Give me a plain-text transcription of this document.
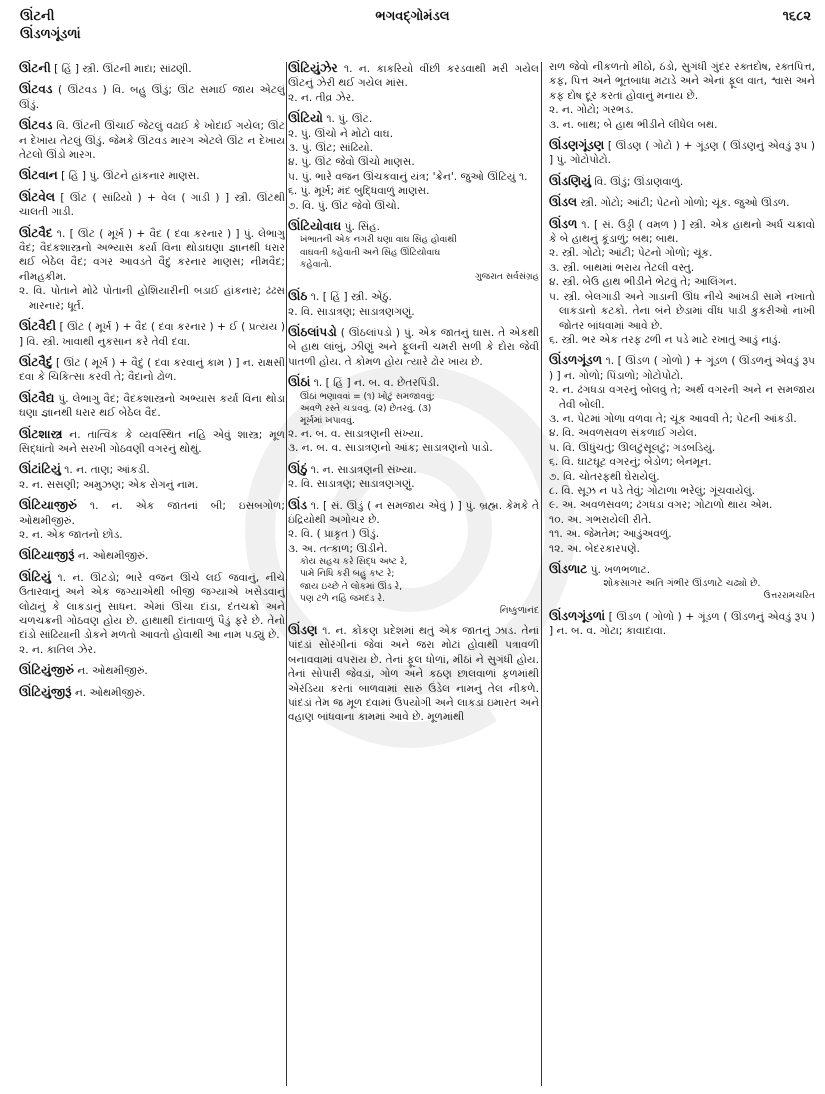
ઊંટની	ભગવદ્ગોમંડલ	૧૬૮૨
ઊંડળગૂંડળાં
ઊંટની [ હિં ] સ્ત્રી. ઊંટની માદા; સાંઢણી.
ઊંટવડ ( ઊંટવડ ) વિ. બહુ ઊંડું; ઊંટ સમાઈ જાય એટલું ઊંડું.
ઊંટવડ વિ. ઊંટની ઊંચાઈ જેટલું વઢાઈ કે ખોદાઈ ગયેલ; ઊંટ ન દેખાય તેટલું ઊંડું. જેમકે ઊંટવડ મારગ એટલે ઊંટ ન દેખાય તેટલો ઊંડો મારગ.
ઊંટવાન [ હિં ] પું. ઊંટને હાંકનાર માણસ.
ઊંટવેલ [ ઊંટ ( સાંઢિયો ) + વેલ ( ગાડી ) ] સ્ત્રી. ઊંટથી ચાલતી ગાડી.
ઊંટવૈદ ૧. [ ઊંટ ( મૂર્ખ ) + વૈદ ( દવા કરનાર ) ] પું. લેભાગુ વૈદ; વૈદકશાસ્ત્રનો અભ્યાસ કર્યા વિના થોડાઘણા જ્ઞાનથી ધરાર થઈ બેઠેલ વૈદ; વગર આવડતે વૈદું કરનાર માણસ; નીમવૈદ; નીમહકીમ.
૨. વિ. પોતાને મોઢે પોતાની હોશિયારીની બડાઈ હાંકનાર; ઢંઢસ મારનાર; ધૂર્ત.
ઊંટવૈદી [ ઊંટ ( મૂર્ખ ) + વૈદ ( દવા કરનાર ) + ઈ ( પ્રત્યય ) ] વિ. સ્ત્રી. ખાવાથી નુકસાન કરે તેવી દવા.
ઊંટવૈદું [ ઊંટ ( મૂર્ખ ) + વૈદું ( દવા કરવાનું કામ ) ] ન. રાક્ષસી દવા કે ચિકિત્સા કરવી તે; વૈદાનો ઢોળ.
ઊંટવૈદ્ય પું. લેભાગુ વૈદ; વૈદકશાસ્ત્રનો અભ્યાસ કર્યા વિના થોડા ઘણા જ્ઞાનથી ધરાર થઈ બેઠેલ વૈદ.
ઊંટશાસ્ત્ર ન. તાત્વિક કે વ્યવસ્થિત નહિ એવું શાસ્ત્ર; મૂળ સિદ્ધાંતો અને સરખી ગોઠવણી વગરનું થોથું.
ઊંટાંટિયું ૧. ન. તાણ; આંકડી.
૨. ન. સસણી; અમુઝણ; એક રોગનું નામ.
ઊંટિયાજીરું ૧. ન. એક જાતનાં બી; ઇસબગોળ; ઓથમીજીરું.
૨. ન. એક જાતનો છોડ.
ઊંટિયાજીરૂં ન. ઓથમીજીરું.
ઊંટિયું ૧. ન. ઊંટડો; ભારે વજન ઊંચે લઈ જવાનું, નીચે ઉતારવાનું અને એક જગ્યાએથી બીજી જગ્યાએ ખસેડવાનું લોઢાનું કે લાકડાનું સાધન. એમાં ઊંચા દાંડા, દંતચક્રો અને ચળચક્રની ગોઠવણ હોય છે. હાથાથી દાંતાવાળું પૈડું ફરે છે. તેનો દાંડો સાંઢિયાની ડોકને મળતો આવતો હોવાથી આ નામ પડ્યું છે.
૨. ન. કાતિલ ઝેર.
ઊંટિયુંજીરું ન. ઓથમીજીરું.
ઊંટિયુંજીરૂં ન. ઓથમીજીરું.
ઊંટિયુંઝેર ૧. ન. કાકરિયો વીંછી કરડવાથી મરી ગયેલ ઊંટનું ઝેરી થઈ ગયેલ માંસ.
૨. ન. તીવ્ર ઝેર.
ઊંટિયો ૧. પું. ઊંટ.
૨. પું. ઊંચો ને મોટો વાઘ.
૩. પું. ઊંટ; સાંઢિયો.
૪. પું. ઊંટ જેવો ઊંચો માણસ.
૫. પું. ભારે વજન ઊંચકવાનું યંત્ર; 'ક્રેન'. જુઓ ઊંટિયું ૧.
૬. પું. મૂર્ખ; મંદ બુદ્ધિવાળું માણસ.
૭. વિ. પું. ઊંટ જેવો ઊંચો.
ઊંટિયોવાઘ પું. સિંહ.
ખંભાતની એક નગરી ઘણા વાઘ સિંહ હોવાથી
વાઘવતી કહેવાતી અને સિંહ ઊંટિયોવાઘ
કહેવાતો.
ગુજરાત સર્વસંગ્રહ
ઊંઠ ૧. [ હિં ] સ્ત્રી. એંઠું.
૨. વિ. સાડાત્રણ; સાડાત્રણગણું.
ઊંઠલાંપડો ( ઊંઠલાંપડો ) પું. એક જાતનું ઘાસ. તે એકથી બે હાથ લાંબું, ઝીણું અને ફૂલની ચમરી સળી કે દોરા જેવી પાતળી હોય. તે કોમળ હોય ત્યારે ઢોર ખાય છે.
ઊંઠાં ૧. [ હિં ] ન. બ. વ. છેતરપિંડી.
ઊંઠાં ભણાવવાં = (૧) ખોટું સમજાવવું;
અવળે રસ્તે ચડાવવું. (૨) છેતરવું. (૩)
મૂર્ખમાં ખપાવવું.
૨. ન. બ. વ. સાડાત્રણની સંખ્યા.
૩. ન. બ. વ. સાડાત્રણનો આંક; સાડાત્રણનો પાડો.
ઊંઠું ૧. ન. સાડાત્રણની સંખ્યા.
૨. વિ. સાડાત્રણ; સાડાત્રણગણું.
ઊંડ ૧. [ સં. ઊંડું ( ન સમજાય એવું ) ] પું. બ્રહ્મ. કેમકે તે ઇંદ્રિયોથી અગોચર છે.
૨. વિ. ( પ્રાકૃત ) ઊંડું.
૩. અ. તત્કાળ; ઊડીને.
કોય સહચ કરે સિદ્ધ અષ્ટ રે,
પામે નિધિ કરી બહુ કષ્ટ રે;
જાય ઇચ્છે તે લોકમાં ઊંડ રે,
પણ ટળે નહિ જમદંડ રે.
નિષ્કુળાનંદ
ઊંડણ ૧. ન. કોંકણ પ્રદેશમાં થતું એક જાતનું ઝાડ. તેનાં પાંદડાં સોરંગીનાં જેવાં અને જરા મોટાં હોવાથી પત્રાવળી બનાવવામાં વપરાય છે. તેનાં ફૂલ ધોળાં, મીઠાં ને સુગંધી હોય. તેનાં સોપારી જેવડાં, ગોળ અને કઠણ છાલવાળાં ફળમાંથી એરંડિયા કરતાં બાળવામાં સારું ઉંડેલ નામનું તેલ નીકળે. પાંદડાં તેમ જ મૂળ દવામાં ઉપયોગી અને લાકડાં ઇમારત અને વહાણ બાંધવાના કામમાં આવે છે. મૂળમાંથી
રાળ જેવો નીકળતો મીઠો, ઠંડો, સુગંધી ગુંદર રક્તદોષ, રક્તપિત્ત, કફ, પિત્ત અને ભૂતબાધા મટાડે અને એનાં ફૂલ વાત, શ્વાસ અને કફ દોષ દૂર કરતાં હોવાનું મનાય છે.
૨. ન. ગોટો; ગરભડ.
૩. ન. બાથ; બે હાથ ભીડીને લીધેલ બથ.
ઊંડણગૂંડણ [ ઊંડણ ( ગોટો ) + ગૂંડણ ( ઊંડણનું એવડું રૂપ ) ] પું. ગોટોપોટો.
ઊંડણિયું વિ. ઊંડું; ઊંડાણવાળું.
ઊંડલ સ્ત્રી. ગોટો; આંટી; પેટનો ગોળો; ચૂંક. જુઓ ઊંડળ.
ઊંડળ ૧. [ સં. ઉડ્ડી ( વમળ ) ] સ્ત્રી. એક હાથનો અર્ધ ચક્રાવો કે બે હાથનું કૂંડાળું; બથ; બાથ.
૨. સ્ત્રી. ગોટો; આંટી; પેટનો ગોળો; ચૂંક.
૩. સ્ત્રી. બાથમાં ભરાય તેટલી વસ્તુ.
૪. સ્ત્રી. બેઉ હાથ ભીડીને ભેટવું તે; આલિંગન.
૫. સ્ત્રી. બેલગાડી અને ગાડાની ઊંધ નીચે આંખડી સામે નખાતો લાકડાનો કટકો. તેના બંને છેડામાં વીંધ પાડી કુકરીઓ નાખી જોતર બાંધવામાં આવે છે.
૬. સ્ત્રી. ભર એક તરફ ઢળી ન પડે માટે રખાતું આડું નાડું.
ઊંડળગૂંડળ ૧. [ ઊંડળ ( ગોળો ) + ગૂંડળ ( ઊંડળનું એવડું રૂપ ) ] ન. ગોળો; પિંડાળો; ગોટોપોટો.
૨. ન. ઢંગધડા વગરનું બોલવું તે; અર્થ વગરની અને ન સમજાય તેવી બોલી.
૩. ન. પેટમાં ગોળા વળવા તે; ચૂંક આવવી તે; પેટની આંકડી.
૪. વિ. અવળસવળ સંકળાઈ ગયેલ.
૫. વિ. ઊંધુંચતું; ઊલટુંસૂલટું; ગડબડિયું.
૬. વિ. ઘાટઘૂટ વગરનું; બેડોળ; બેનમૂન.
૭. વિ. ચોતરફથી ઘેરાયેલું.
૮. વિ. સૂઝ ન પડે તેવું; ગોટાળા ભરેલું; ગૂંચવાયેલું.
૯. અ. અવળસવળ; ઢંગધડા વગર; ગોટાળો થાય એમ.
૧૦. અ. ગભરાયેલી રીતે.
૧૧. અ. જેમતેમ; આડુંઅવળું.
૧૨. અ. બેદરકારપણે.
ઊંડળાટ પું. ખળભળાટ.
શોકસાગર અતિ ગંભીર ઊંડળાટે ચઢ્યો છે.
ઉત્તરરામચરિત
ઊંડળગૂંડળાં [ ઊંડળ ( ગોળો ) + ગૂંડળ ( ઊંડળનું એવડું રૂપ ) ] ન. બ. વ. ગોટા; કાવાદાવા.
